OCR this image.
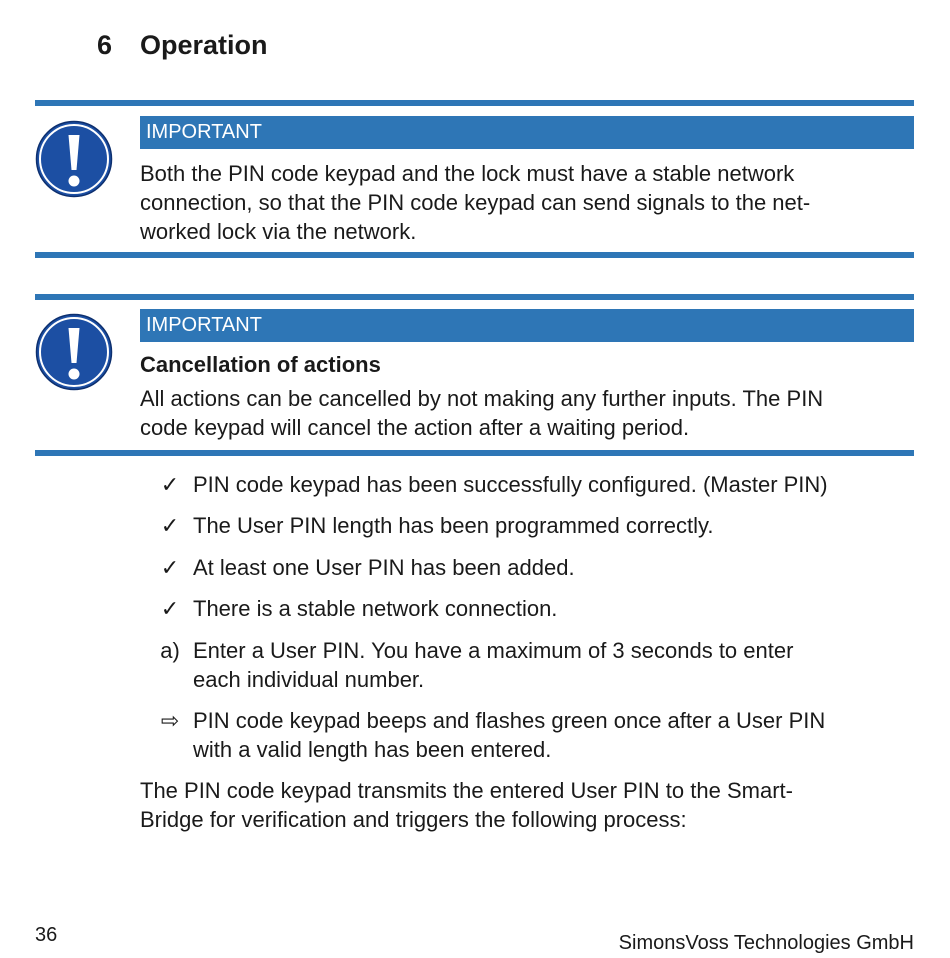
6 Operation
IMPORTANT
Both the PIN code keypad and the lock must have a stable network
connection, so that the PIN code keypad can send signals to the net-
worked lock via the network.
IMPORTANT
Cancellation of actions
All actions can be cancelled by not making any further inputs. The PIN
code keypad will cancel the action after a waiting period.
✓ PIN code keypad has been successfully configured. (Master PIN)
✓ The User PIN length has been programmed correctly.
✓ At least one User PIN has been added.
✓ There is a stable network connection.
a) Enter a User PIN. You have a maximum of 3 seconds to enter
each individual number.
⇨ PIN code keypad beeps and flashes green once after a User PIN
with a valid length has been entered.
The PIN code keypad transmits the entered User PIN to the Smart-
Bridge for verification and triggers the following process:
36	SimonsVoss Technologies GmbH
